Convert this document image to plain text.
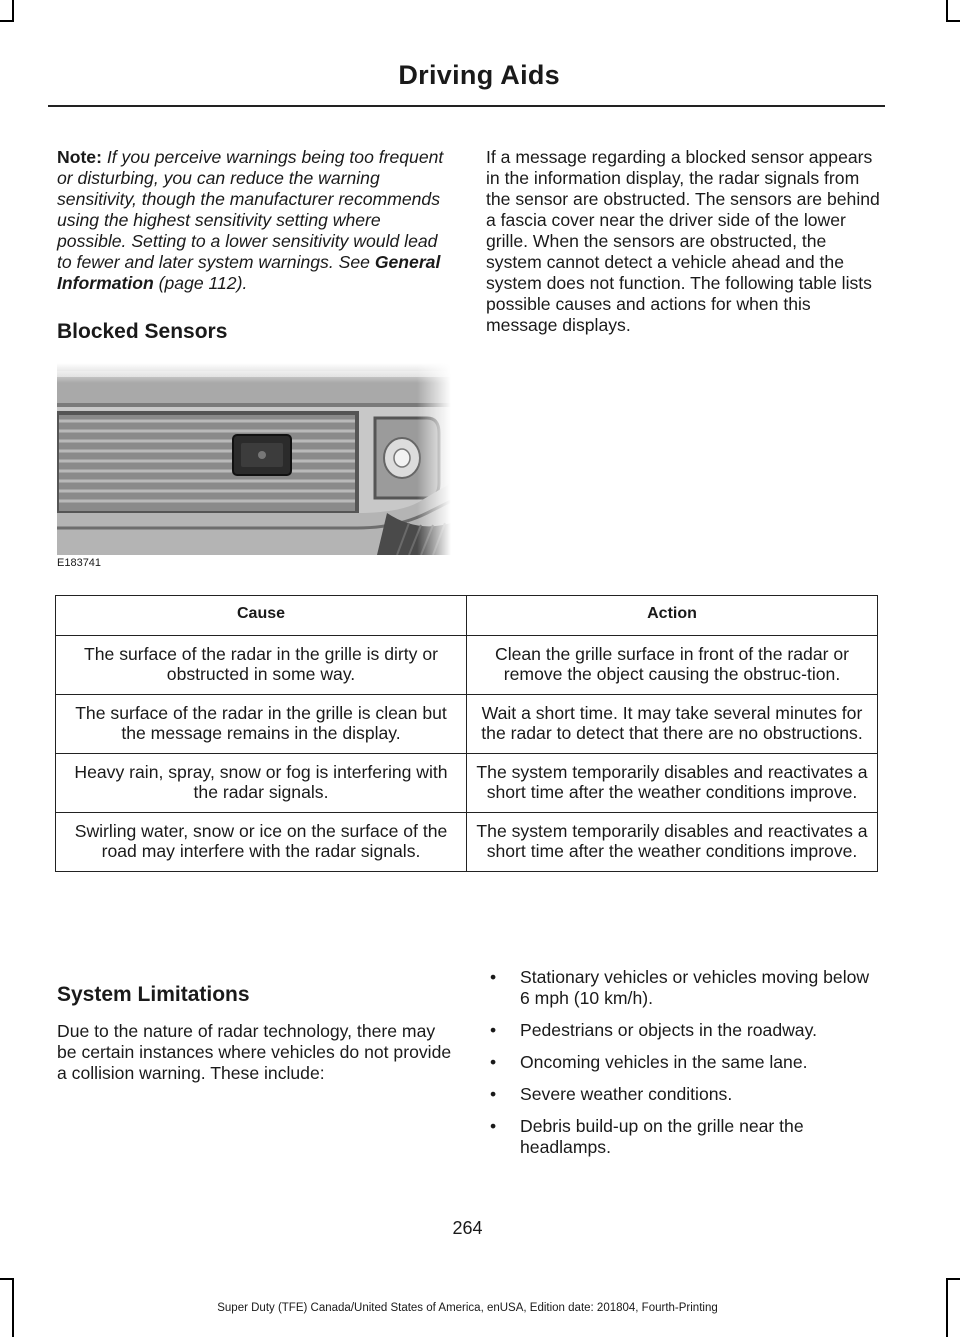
Driving Aids

Note: If you perceive warnings being too frequent or disturbing, you can reduce the warning sensitivity, though the manufacturer recommends using the highest sensitivity setting where possible. Setting to a lower sensitivity would lead to fewer and later system warnings. See General Information (page 112).

Blocked Sensors

If a message regarding a blocked sensor appears in the information display, the radar signals from the sensor are obstructed. The sensors are behind a fascia cover near the driver side of the lower grille. When the sensors are obstructed, the system cannot detect a vehicle ahead and the system does not function. The following table lists possible causes and actions for when this message displays.

E183741
Cause	Action
The surface of the radar in the grille is dirty or obstructed in some way.	Clean the grille surface in front of the radar or remove the object causing the obstruc-tion.
The surface of the radar in the grille is clean but the message remains in the display.	Wait a short time. It may take several minutes for the radar to detect that there are no obstructions.
Heavy rain, spray, snow or fog is interfering with the radar signals.	The system temporarily disables and reactivates a short time after the weather conditions improve.
Swirling water, snow or ice on the surface of the road may interfere with the radar signals.	The system temporarily disables and reactivates a short time after the weather conditions improve.
System Limitations

Due to the nature of radar technology, there may be certain instances where vehicles do not provide a collision warning. These include:

• Stationary vehicles or vehicles moving below 6 mph (10 km/h).
• Pedestrians or objects in the roadway.
• Oncoming vehicles in the same lane.
• Severe weather conditions.
• Debris build-up on the grille near the headlamps.
264
Super Duty (TFE) Canada/United States of America, enUSA, Edition date: 201804, Fourth-Printing
